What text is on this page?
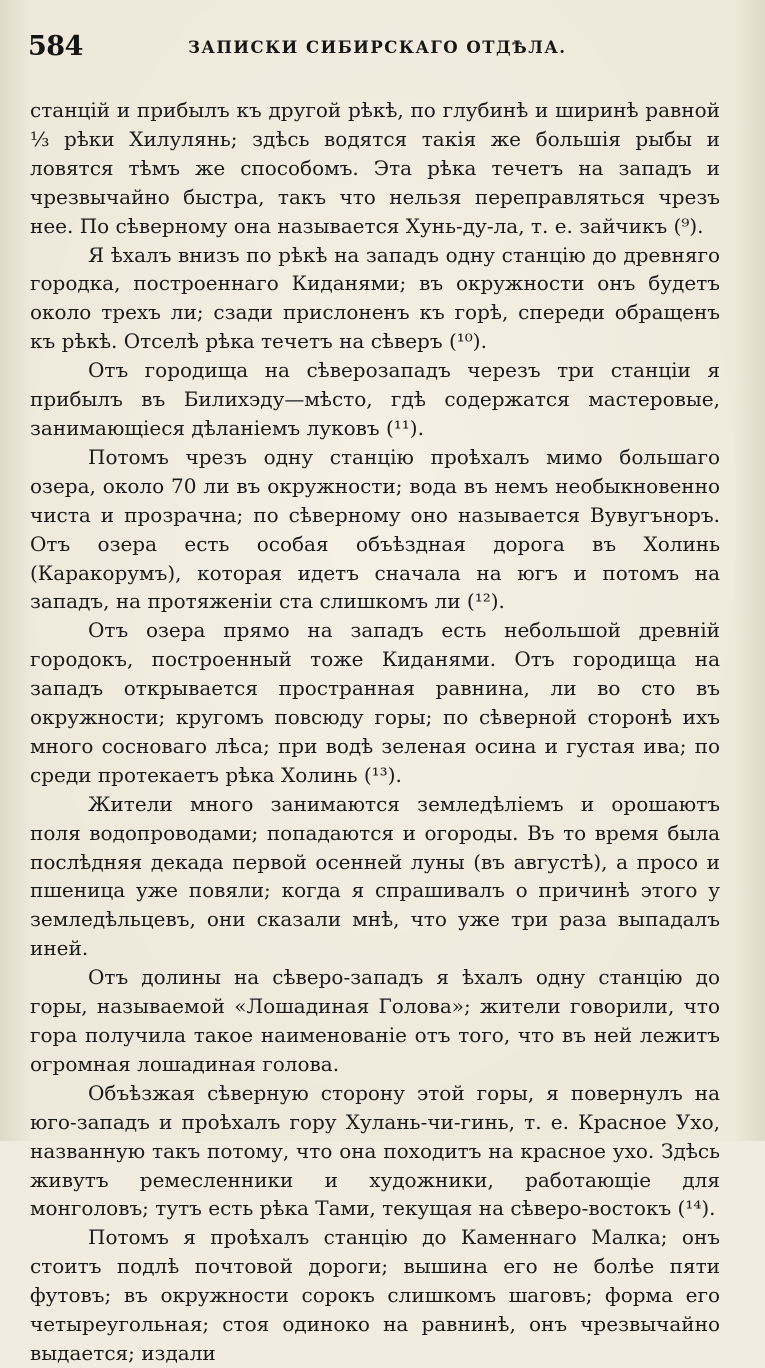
584	ЗАПИСКИ СИБИРСКАГО ОТДѢЛА.

станцій и прибылъ къ другой рѣкѣ, по глубинѣ и ширинѣ равной ⅓ рѣки Хилулянь; здѣсь водятся такія же большія рыбы и ловятся тѣмъ же способомъ. Эта рѣка течетъ на западъ и чрезвычайно быстра, такъ что нельзя переправляться чрезъ нее. По сѣверному она называется Хунь-ду-ла, т. е. зайчикъ (⁹).

Я ѣхалъ внизъ по рѣкѣ на западъ одну станцію до древняго городка, построеннаго Киданями; въ окружности онъ будетъ около трехъ ли; сзади прислоненъ къ горѣ, спереди обращенъ къ рѣкѣ. Отселѣ рѣка течетъ на сѣверъ (¹⁰).

Отъ городища на сѣверозападъ черезъ три станціи я прибылъ въ Билихэду—мѣсто, гдѣ содержатся мастеровые, занимающіеся дѣланіемъ луковъ (¹¹).

Потомъ чрезъ одну станцію проѣхалъ мимо большаго озера, около 70 ли въ окружности; вода въ немъ необыкновенно чиста и прозрачна; по сѣверному оно называется Вувугънoръ. Отъ озера есть особая объѣздная дорога въ Холинь (Каракорумъ), которая идетъ сначала на югъ и потомъ на западъ, на протяженіи ста слишкомъ ли (¹²).

Отъ озера прямо на западъ есть небольшой древній городокъ, построенный тоже Киданями. Отъ городища на западъ открывается пространная равнина, ли во сто въ окружности; кругомъ повсюду горы; по сѣверной сторонѣ ихъ много сосноваго лѣса; при водѣ зеленая осина и густая ива; по среди протекаетъ рѣка Холинь (¹³).

Жители много занимаются земледѣліемъ и орошаютъ поля водопроводами; попадаются и огороды. Въ то время была послѣдняя декада первой осенней луны (въ августѣ), а просо и пшеница уже повяли; когда я спрашивалъ о причинѣ этого у земледѣльцевъ, они сказали мнѣ, что уже три раза выпадалъ иней.

Отъ долины на сѣверо-западъ я ѣхалъ одну станцію до горы, называемой «Лошадиная Голова»; жители говорили, что гора получила такое наименованіе отъ того, что въ ней лежитъ огромная лошадиная голова.

Объѣзжая сѣверную сторону этой горы, я повернулъ на юго-западъ и проѣхалъ гору Хулань-чи-гинь, т. е. Красное Ухо, названную такъ потому, что она походитъ на красное ухо. Здѣсь живутъ ремесленники и художники, работающіе для монголовъ; тутъ есть рѣка Тами, текущая на сѣверо-востокъ (¹⁴).

Потомъ я проѣхалъ станцію до Каменнаго Малка; онъ стоитъ подлѣ почтовой дороги; вышина его не болѣе пяти футовъ; въ окружности сорокъ слишкомъ шаговъ; форма его четыреугольная; стоя одиноко на равнинѣ, онъ чрезвычайно выдается; издали
